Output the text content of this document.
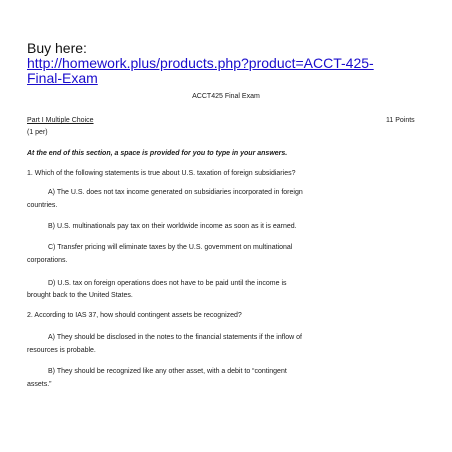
Buy here:
http://homework.plus/products.php?product=ACCT-425-
Final-Exam
ACCT425 Final Exam
Part I Multiple Choice	11 Points
(1 per)
At the end of this section, a space is provided for you to type in your answers.
1. Which of the following statements is true about U.S. taxation of foreign subsidiaries?
A) The U.S. does not tax income generated on subsidiaries incorporated in foreign
countries.
B) U.S. multinationals pay tax on their worldwide income as soon as it is earned.
C) Transfer pricing will eliminate taxes by the U.S. government on multinational
corporations.
D) U.S. tax on foreign operations does not have to be paid until the income is
brought back to the United States.
2. According to IAS 37, how should contingent assets be recognized?
A) They should be disclosed in the notes to the financial statements if the inflow of
resources is probable.
B) They should be recognized like any other asset, with a debit to “contingent
assets.”
